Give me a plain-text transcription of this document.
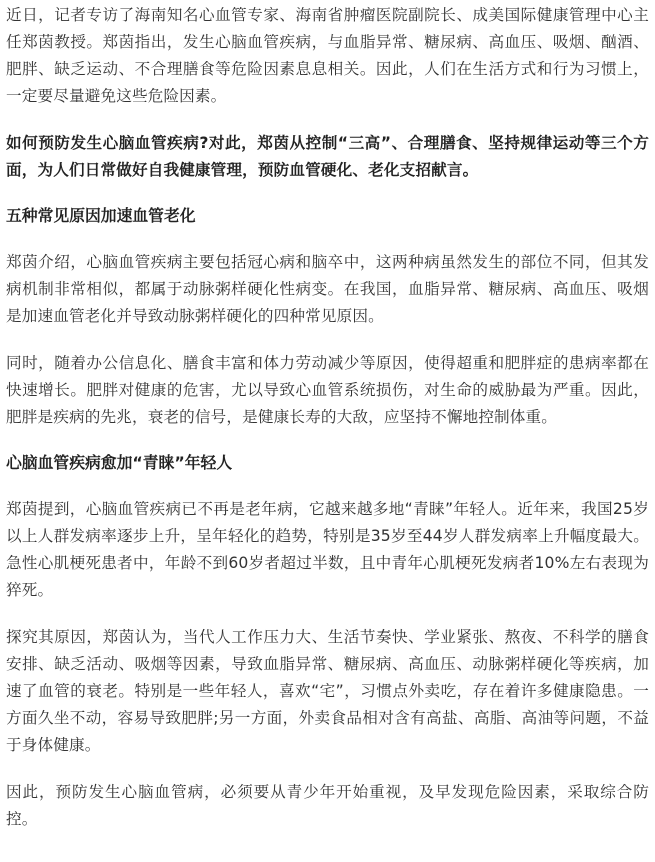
近日，记者专访了海南知名心血管专家、海南省肿瘤医院副院长、成美国际健康管理中心主任郑茵教授。郑茵指出，发生心脑血管疾病，与血脂异常、糖尿病、高血压、吸烟、酗酒、肥胖、缺乏运动、不合理膳食等危险因素息息相关。因此，人们在生活方式和行为习惯上，一定要尽量避免这些危险因素。

如何预防发生心脑血管疾病?对此，郑茵从控制“三高”、合理膳食、坚持规律运动等三个方面，为人们日常做好自我健康管理，预防血管硬化、老化支招献言。

五种常见原因加速血管老化

郑茵介绍，心脑血管疾病主要包括冠心病和脑卒中，这两种病虽然发生的部位不同，但其发病机制非常相似，都属于动脉粥样硬化性病变。在我国，血脂异常、糖尿病、高血压、吸烟是加速血管老化并导致动脉粥样硬化的四种常见原因。

同时，随着办公信息化、膳食丰富和体力劳动减少等原因，使得超重和肥胖症的患病率都在快速增长。肥胖对健康的危害，尤以导致心血管系统损伤，对生命的威胁最为严重。因此，肥胖是疾病的先兆，衰老的信号，是健康长寿的大敌，应坚持不懈地控制体重。

心脑血管疾病愈加“青睐”年轻人

郑茵提到，心脑血管疾病已不再是老年病，它越来越多地“青睐”年轻人。近年来，我国25岁以上人群发病率逐步上升，呈年轻化的趋势，特别是35岁至44岁人群发病率上升幅度最大。急性心肌梗死患者中，年龄不到60岁者超过半数，且中青年心肌梗死发病者10%左右表现为猝死。

探究其原因，郑茵认为，当代人工作压力大、生活节奏快、学业紧张、熬夜、不科学的膳食安排、缺乏活动、吸烟等因素，导致血脂异常、糖尿病、高血压、动脉粥样硬化等疾病，加速了血管的衰老。特别是一些年轻人，喜欢“宅”，习惯点外卖吃，存在着许多健康隐患。一方面久坐不动，容易导致肥胖;另一方面，外卖食品相对含有高盐、高脂、高油等问题，不益于身体健康。

因此，预防发生心脑血管病，必须要从青少年开始重视，及早发现危险因素，采取综合防控。
